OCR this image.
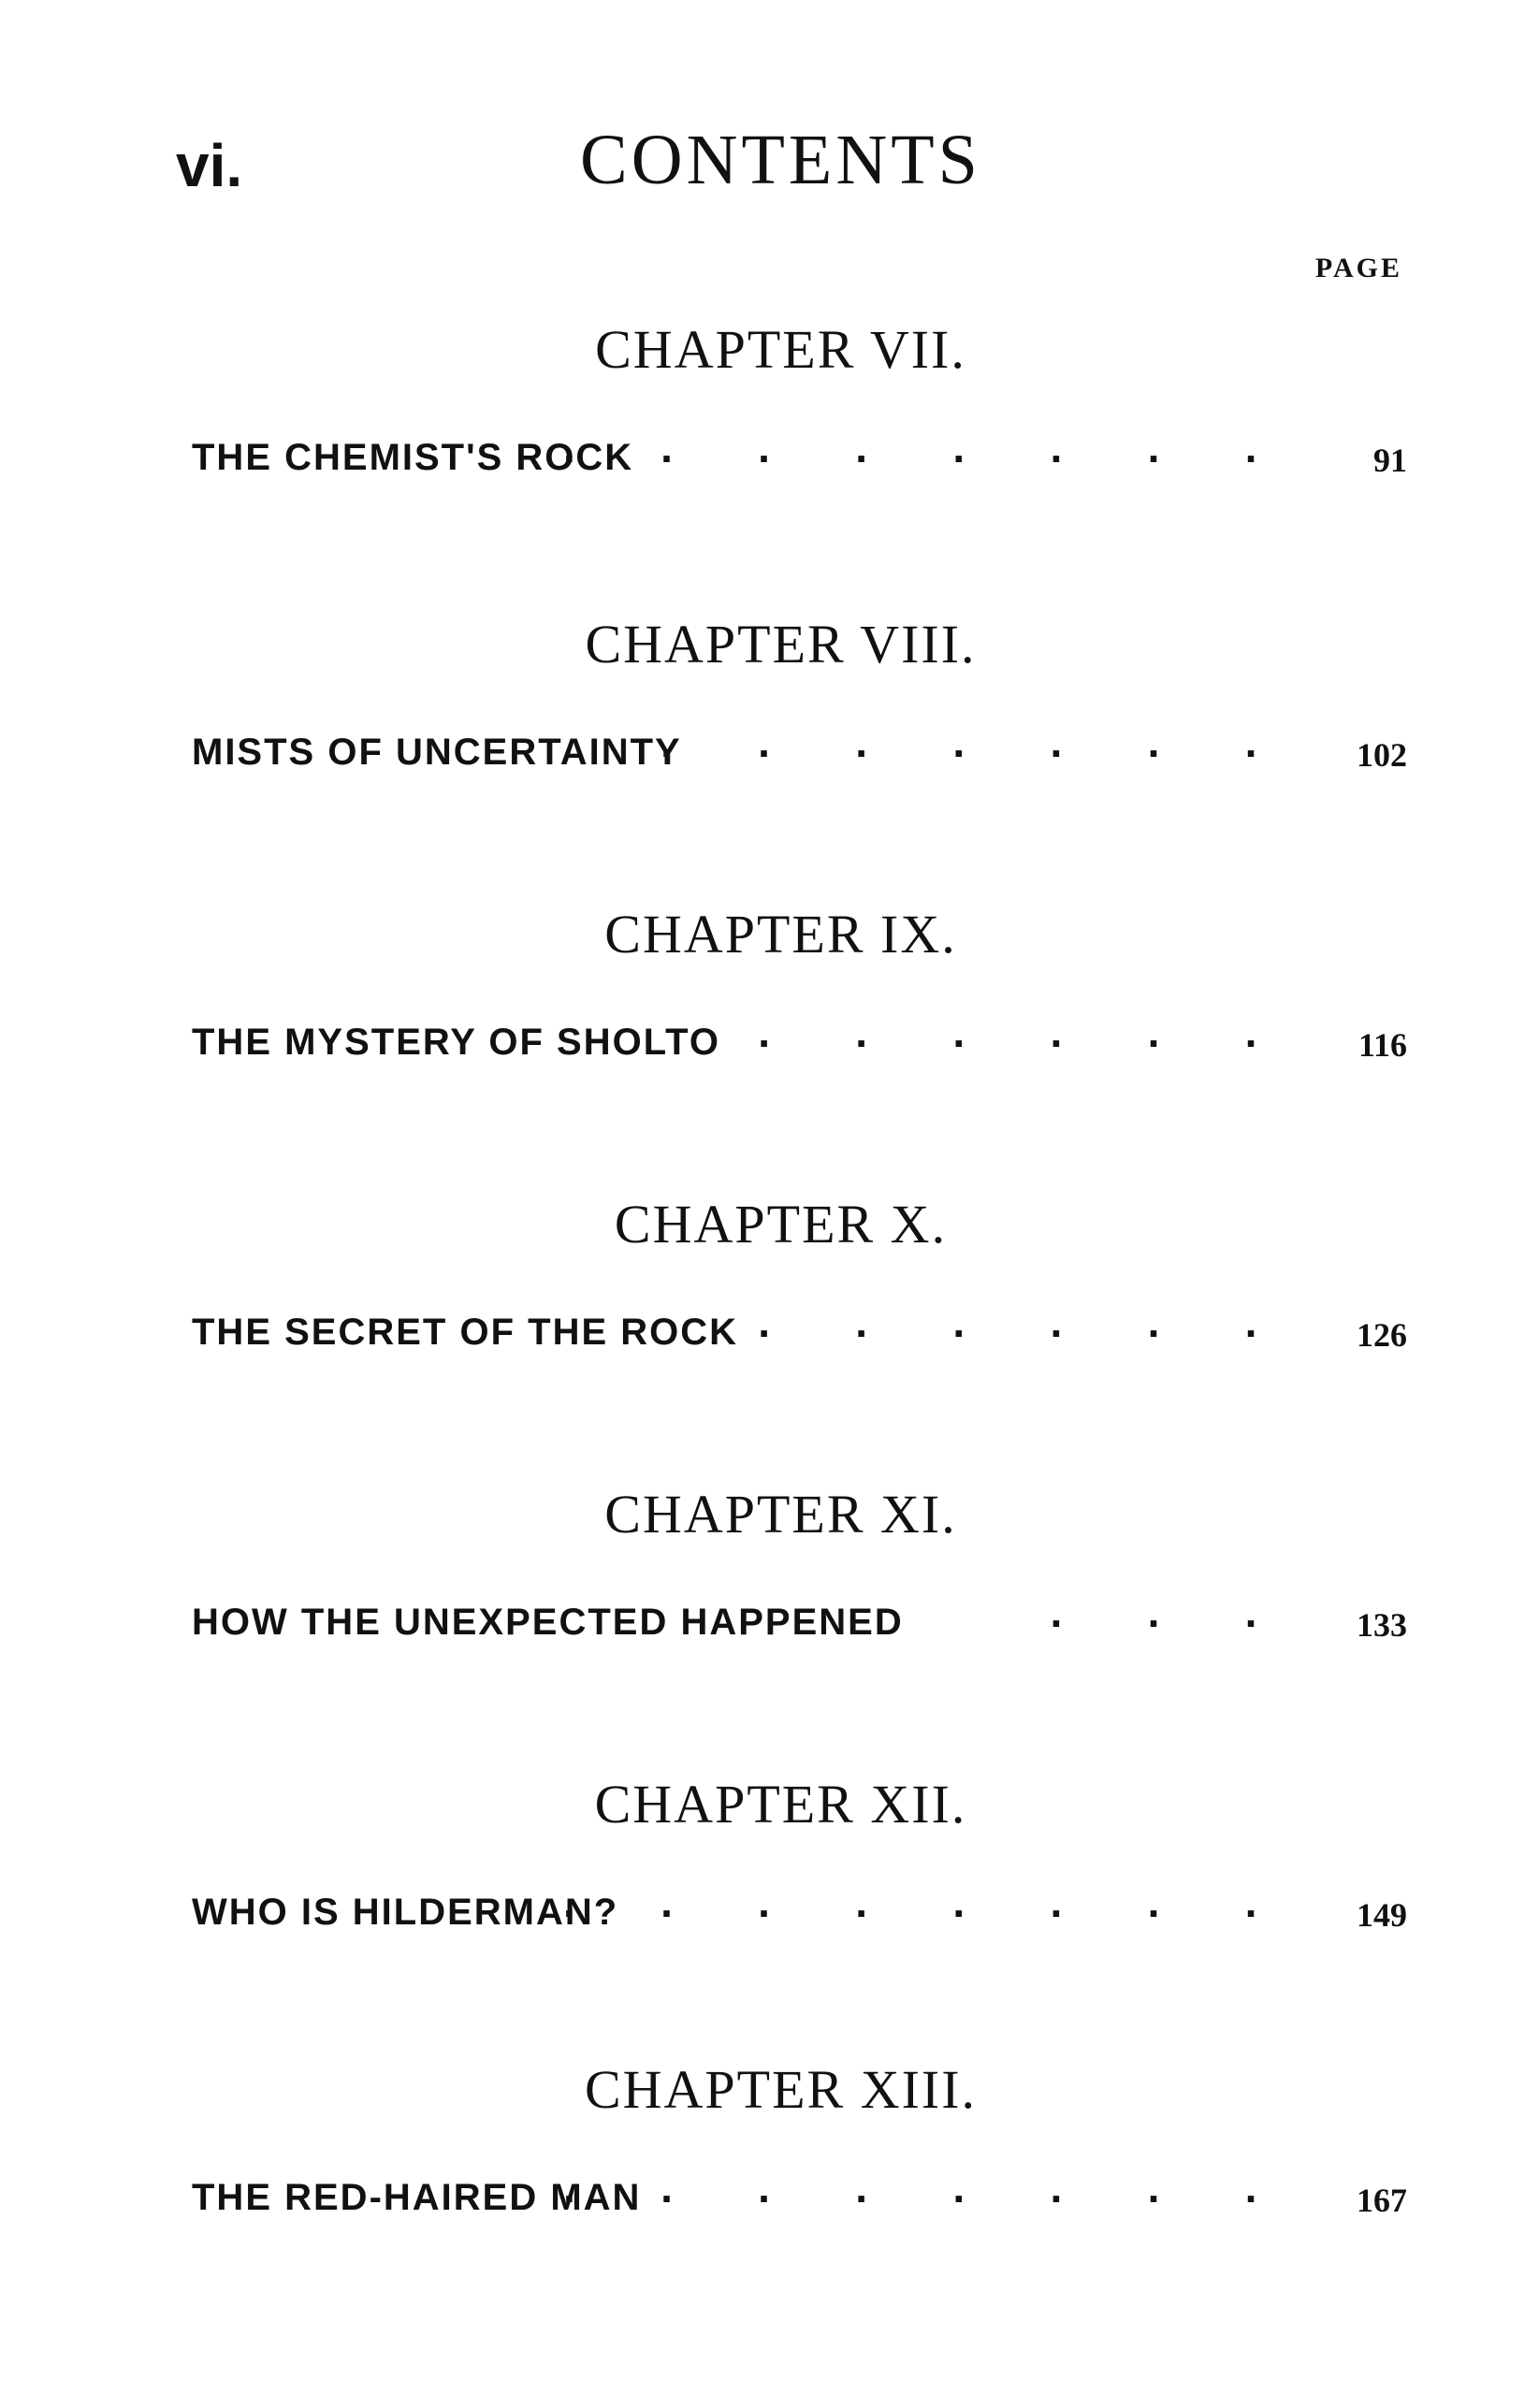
vi.	CONTENTS
PAGE
CHAPTER VII.
THE CHEMIST'S ROCK
· · · · · · · · 91
CHAPTER VIII.
MISTS OF UNCERTAINTY
· · · · · · · 102
CHAPTER IX.
THE MYSTERY OF SHOLTO · · · · · · 116
CHAPTER X.
THE SECRET OF THE ROCK · · · · · · 126
CHAPTER XI.
HOW THE UNEXPECTED HAPPENED	· · · 133
CHAPTER XII.
WHO IS HILDERMAN?
· · · · · · · · 149
CHAPTER XIII.
THE RED-HAIRED MAN
· · · · · · · · 167
